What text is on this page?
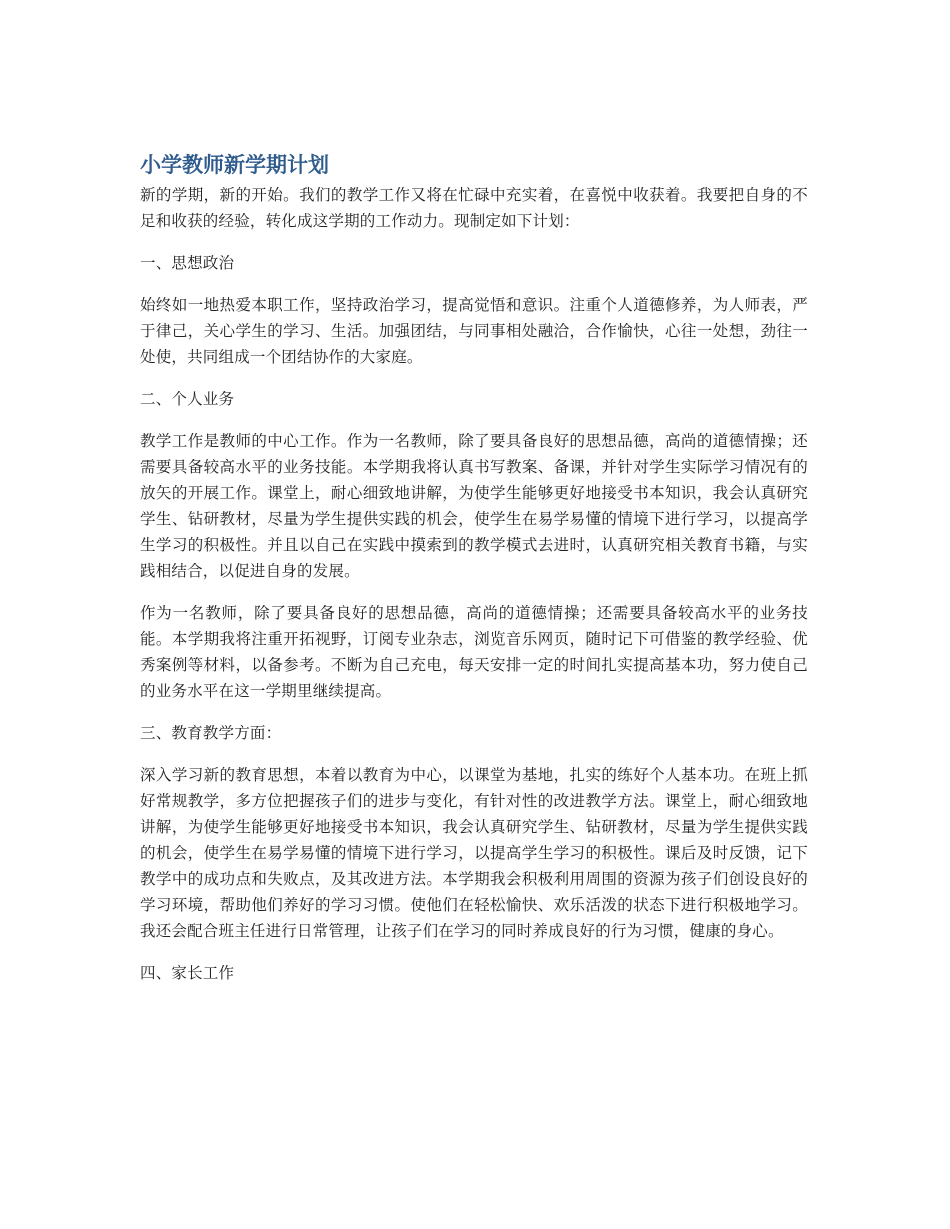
小学教师新学期计划

新的学期，新的开始。我们的教学工作又将在忙碌中充实着，在喜悦中收获着。我要把自身的不足和收获的经验，转化成这学期的工作动力。现制定如下计划：

一、思想政治

始终如一地热爱本职工作，坚持政治学习，提高觉悟和意识。注重个人道德修养，为人师表，严于律己，关心学生的学习、生活。加强团结，与同事相处融洽，合作愉快，心往一处想，劲往一处使，共同组成一个团结协作的大家庭。

二、个人业务

教学工作是教师的中心工作。作为一名教师，除了要具备良好的思想品德，高尚的道德情操；还需要具备较高水平的业务技能。本学期我将认真书写教案、备课，并针对学生实际学习情况有的放矢的开展工作。课堂上，耐心细致地讲解，为使学生能够更好地接受书本知识，我会认真研究学生、钻研教材，尽量为学生提供实践的机会，使学生在易学易懂的情境下进行学习，以提高学生学习的积极性。并且以自己在实践中摸索到的教学模式去进时，认真研究相关教育书籍，与实践相结合，以促进自身的发展。

作为一名教师，除了要具备良好的思想品德，高尚的道德情操；还需要具备较高水平的业务技能。本学期我将注重开拓视野，订阅专业杂志，浏览音乐网页，随时记下可借鉴的教学经验、优秀案例等材料，以备参考。不断为自己充电，每天安排一定的时间扎实提高基本功，努力使自己的业务水平在这一学期里继续提高。

三、教育教学方面：

深入学习新的教育思想，本着以教育为中心，以课堂为基地，扎实的练好个人基本功。在班上抓好常规教学，多方位把握孩子们的进步与变化，有针对性的改进教学方法。课堂上，耐心细致地讲解，为使学生能够更好地接受书本知识，我会认真研究学生、钻研教材，尽量为学生提供实践的机会，使学生在易学易懂的情境下进行学习，以提高学生学习的积极性。课后及时反馈，记下教学中的成功点和失败点，及其改进方法。本学期我会积极利用周围的资源为孩子们创设良好的学习环境，帮助他们养好的学习习惯。使他们在轻松愉快、欢乐活泼的状态下进行积极地学习。我还会配合班主任进行日常管理，让孩子们在学习的同时养成良好的行为习惯，健康的身心。

四、家长工作
